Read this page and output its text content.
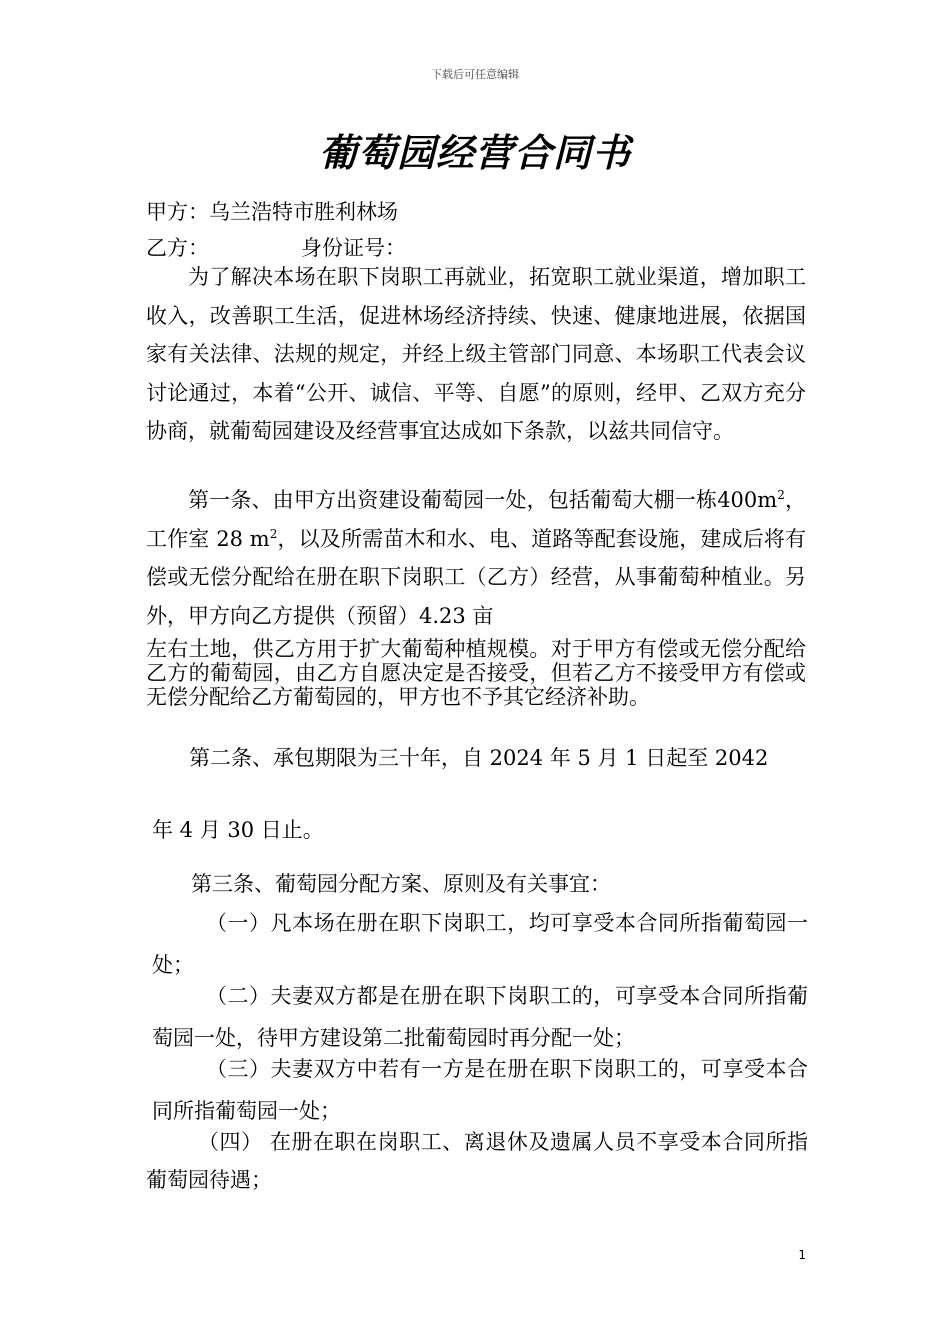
下载后可任意编辑
葡萄园经营合同书
甲方：乌兰浩特市胜利林场
乙方：	身份证号：
为了解决本场在职下岗职工再就业，拓宽职工就业渠道，增加职工收入，改善职工生活，促进林场经济持续、快速、健康地进展，依据国家有关法律、法规的规定，并经上级主管部门同意、本场职工代表会议讨论通过，本着“公开、诚信、平等、自愿”的原则，经甲、乙双方充分协商，就葡萄园建设及经营事宜达成如下条款，以兹共同信守。
第一条、由甲方出资建设葡萄园一处，包括葡萄大棚一栋$400m^2$，工作室 28 $m^2$，以及所需苗木和水、电、道路等配套设施，建成后将有偿或无偿分配给在册在职下岗职工（乙方）经营，从事葡萄种植业。另外，甲方向乙方提供（预留）4.23 亩
左右土地，供乙方用于扩大葡萄种植规模。对于甲方有偿或无偿分配给乙方的葡萄园，由乙方自愿决定是否接受，但若乙方不接受甲方有偿或无偿分配给乙方葡萄园的，甲方也不予其它经济补助。
第二条、承包期限为三十年，自 2024 年 5 月 1 日起至 2042
年 4 月 30 日止。
第三条、葡萄园分配方案、原则及有关事宜：
（一）凡本场在册在职下岗职工，均可享受本合同所指葡萄园一处；
（二）夫妻双方都是在册在职下岗职工的，可享受本合同所指葡萄园一处，待甲方建设第二批葡萄园时再分配一处；
（三）夫妻双方中若有一方是在册在职下岗职工的，可享受本合同所指葡萄园一处；
（四） 在册在职在岗职工、离退休及遗属人员不享受本合同所指葡萄园待遇；
1
